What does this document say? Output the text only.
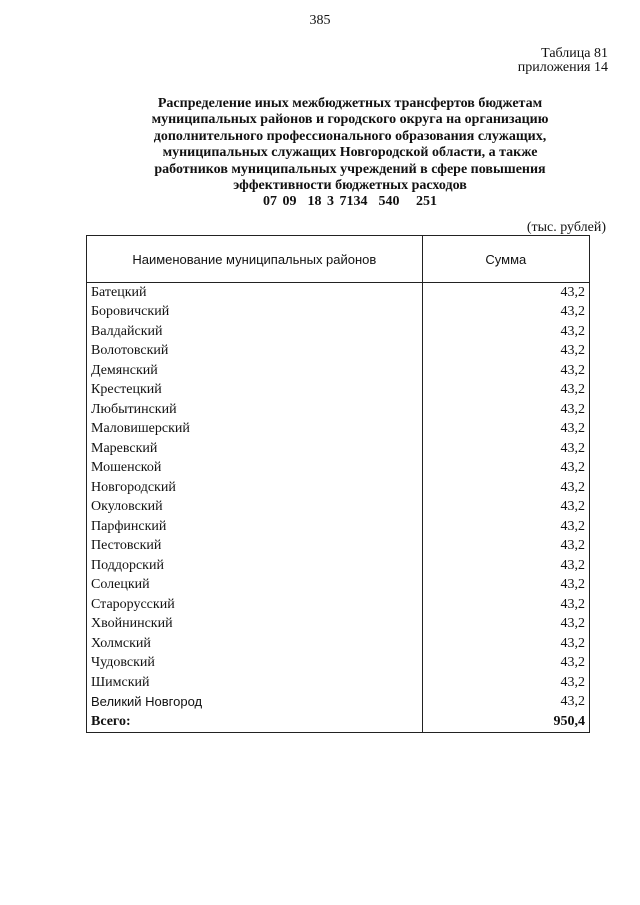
385
Таблица 81
приложения 14
Распределение иных межбюджетных трансфертов бюджетам
муниципальных районов и городского округа на организацию
дополнительного профессионального образования служащих,
муниципальных служащих Новгородской области, а также
работников муниципальных учреждений в сфере повышения
эффективности бюджетных расходов
07 09  18 3 7134  540   251
(тыс. рублей)
Наименование муниципальных районов	Сумма
Батецкий	43,2
Боровичский	43,2
Валдайский	43,2
Волотовский	43,2
Демянский	43,2
Крестецкий	43,2
Любытинский	43,2
Маловишерский	43,2
Маревский	43,2
Мошенской	43,2
Новгородский	43,2
Окуловский	43,2
Парфинский	43,2
Пестовский	43,2
Поддорский	43,2
Солецкий	43,2
Старорусский	43,2
Хвойнинский	43,2
Холмский	43,2
Чудовский	43,2
Шимский	43,2
Великий Новгород	43,2
Всего:	950,4
